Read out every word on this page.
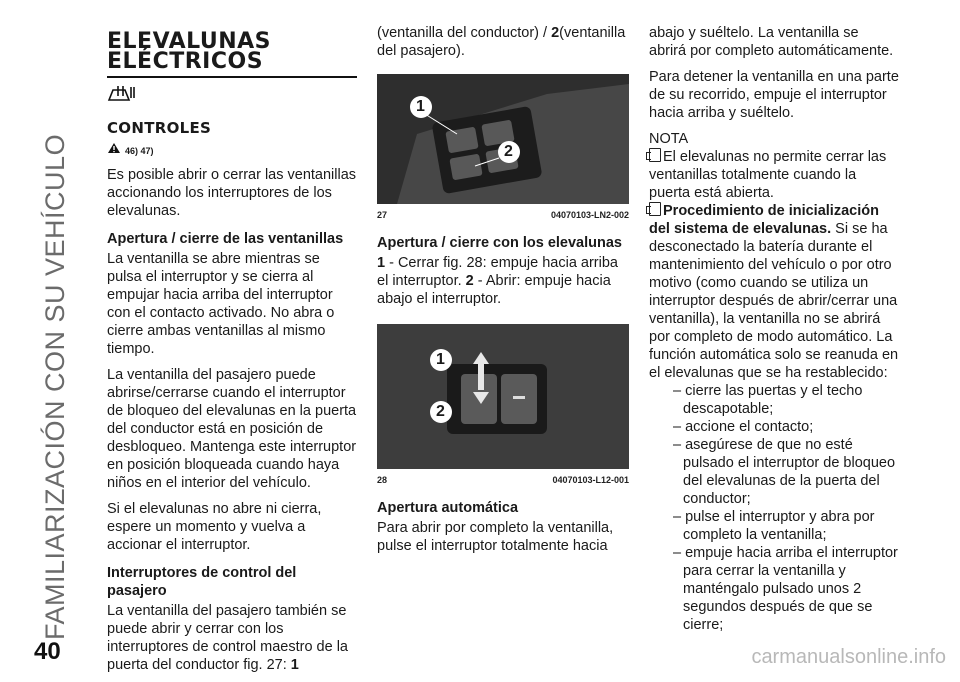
FAMILIARIZACIÓN CON SU VEHÍCULO
40	carmanualsonline.info
ELEVALUNAS
ELÉCTRICOS
CONTROLES
46) 47)

Es posible abrir o cerrar las ventanillas accionando los interruptores de los elevalunas.

Apertura / cierre de las ventanillas

La ventanilla se abre mientras se pulsa el interruptor y se cierra al empujar hacia arriba del interruptor con el contacto activado. No abra o cierre ambas ventanillas al mismo tiempo.

La ventanilla del pasajero puede abrirse/cerrarse cuando el interruptor de bloqueo del elevalunas en la puerta del conductor está en posición de desbloqueo. Mantenga este interruptor en posición bloqueada cuando haya niños en el interior del vehículo.

Si el elevalunas no abre ni cierra, espere un momento y vuelva a accionar el interruptor.

Interruptores de control del pasajero

La ventanilla del pasajero también se puede abrir y cerrar con los interruptores de control maestro de la puerta del conductor fig. 27: 1

(ventanilla del conductor) / 2(ventanilla del pasajero).

1
2
27	04070103-LN2-002
Apertura / cierre con los elevalunas

1 - Cerrar fig. 28: empuje hacia arriba el interruptor. 2 - Abrir: empuje hacia abajo el interruptor.

1
2
28	04070103-L12-001
Apertura automática

Para abrir por completo la ventanilla, pulse el interruptor totalmente hacia

abajo y suéltelo. La ventanilla se abrirá por completo automáticamente.

Para detener la ventanilla en una parte de su recorrido, empuje el interruptor hacia arriba y suéltelo.

NOTA

El elevalunas no permite cerrar las ventanillas totalmente cuando la puerta está abierta.

Procedimiento de inicialización del sistema de elevalunas. Si se ha desconectado la batería durante el mantenimiento del vehículo o por otro motivo (como cuando se utiliza un interruptor después de abrir/cerrar una ventanilla), la ventanilla no se abrirá por completo de modo automático. La función automática solo se reanuda en el elevalunas que se ha restablecido:

– cierre las puertas y el techo descapotable;
– accione el contacto;
– asegúrese de que no esté pulsado el interruptor de bloqueo del elevalunas de la puerta del conductor;
– pulse el interruptor y abra por completo la ventanilla;
– empuje hacia arriba el interruptor para cerrar la ventanilla y manténgalo pulsado unos 2 segundos después de que se cierre;
